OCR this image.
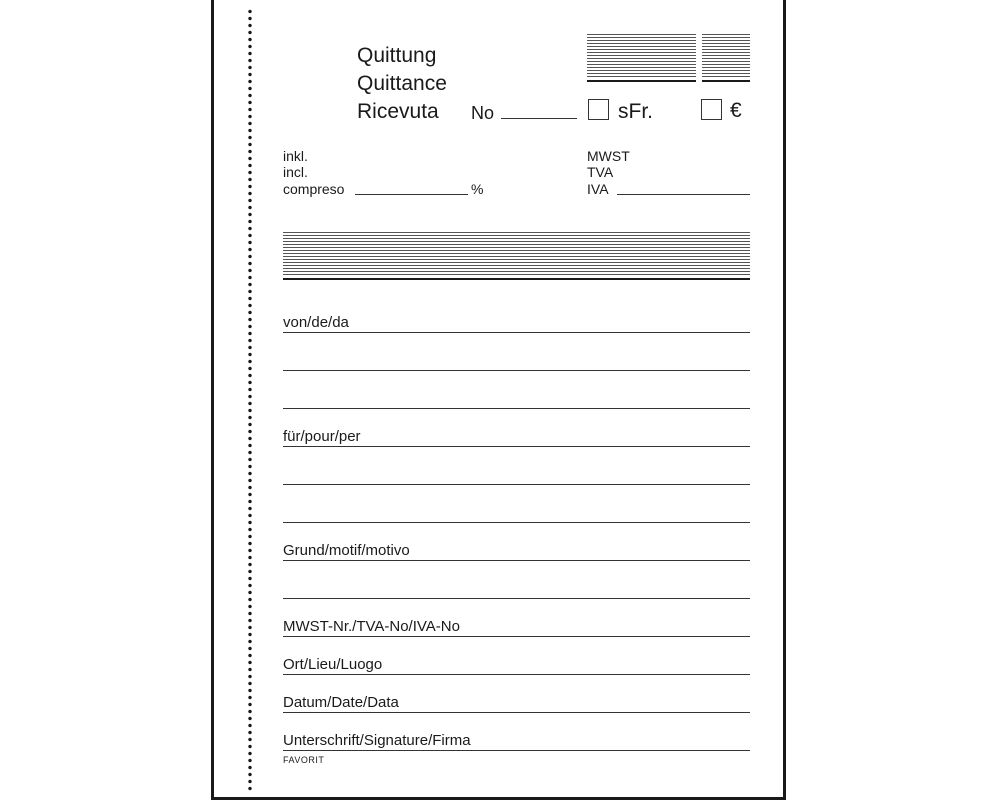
Quittung
Quittance
Ricevuta No	sFr.	€
inkl.
incl.
compreso	%
MWST
TVA
IVA
von/de/da
für/pour/per
Grund/motif/motivo
MWST-Nr./TVA-No/IVA-No
Ort/Lieu/Luogo
Datum/Date/Data
Unterschrift/Signature/Firma
FAVORIT
